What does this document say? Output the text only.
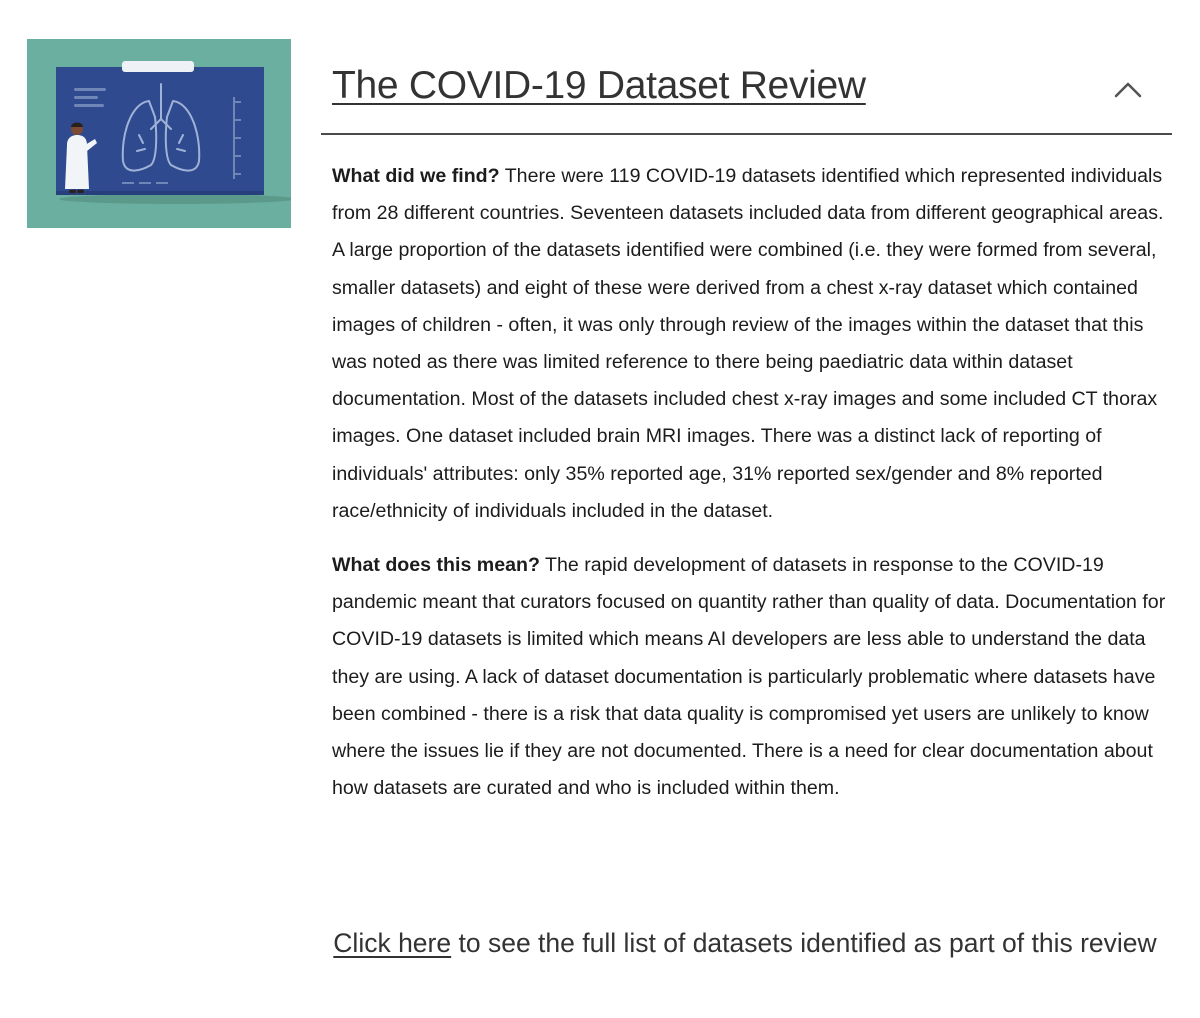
The COVID-19 Dataset Review

What did we find? There were 119 COVID-19 datasets identified which represented individuals from 28 different countries. Seventeen datasets included data from different geographical areas. A large proportion of the datasets identified were combined (i.e. they were formed from several, smaller datasets) and eight of these were derived from a chest x-ray dataset which contained images of children - often, it was only through review of the images within the dataset that this was noted as there was limited reference to there being paediatric data within dataset documentation. Most of the datasets included chest x-ray images and some included CT thorax images. One dataset included brain MRI images. There was a distinct lack of reporting of individuals' attributes: only 35% reported age, 31% reported sex/gender and 8% reported race/ethnicity of individuals included in the dataset.

What does this mean? The rapid development of datasets in response to the COVID-19 pandemic meant that curators focused on quantity rather than quality of data. Documentation for COVID-19 datasets is limited which means AI developers are less able to understand the data they are using. A lack of dataset documentation is particularly problematic where datasets have been combined - there is a risk that data quality is compromised yet users are unlikely to know where the issues lie if they are not documented. There is a need for clear documentation about how datasets are curated and who is included within them.

Click here to see the full list of datasets identified as part of this review
